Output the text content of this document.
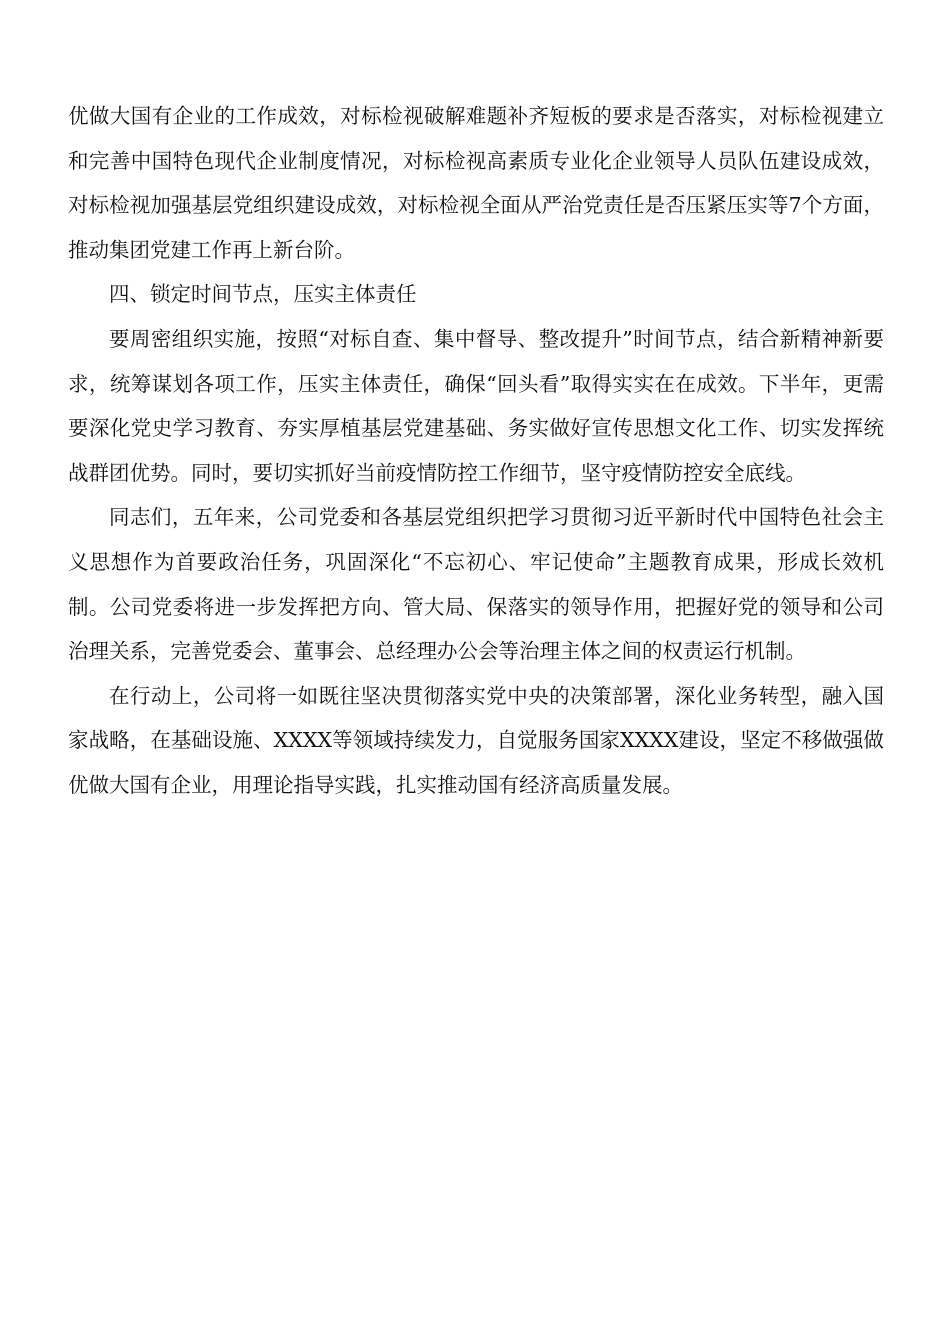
优做大国有企业的工作成效，对标检视破解难题补齐短板的要求是否落实，对标检视建立和完善中国特色现代企业制度情况，对标检视高素质专业化企业领导人员队伍建设成效，对标检视加强基层党组织建设成效，对标检视全面从严治党责任是否压紧压实等7个方面，推动集团党建工作再上新台阶。

四、锁定时间节点，压实主体责任

要周密组织实施，按照“对标自查、集中督导、整改提升”时间节点，结合新精神新要求，统筹谋划各项工作，压实主体责任，确保“回头看”取得实实在在成效。下半年，更需要深化党史学习教育、夯实厚植基层党建基础、务实做好宣传思想文化工作、切实发挥统战群团优势。同时，要切实抓好当前疫情防控工作细节，坚守疫情防控安全底线。

同志们，五年来，公司党委和各基层党组织把学习贯彻习近平新时代中国特色社会主义思想作为首要政治任务，巩固深化“不忘初心、牢记使命”主题教育成果，形成长效机制。公司党委将进一步发挥把方向、管大局、保落实的领导作用，把握好党的领导和公司治理关系，完善党委会、董事会、总经理办公会等治理主体之间的权责运行机制。

在行动上，公司将一如既往坚决贯彻落实党中央的决策部署，深化业务转型，融入国家战略，在基础设施、XXXX等领域持续发力，自觉服务国家XXXX建设，坚定不移做强做优做大国有企业，用理论指导实践，扎实推动国有经济高质量发展。
